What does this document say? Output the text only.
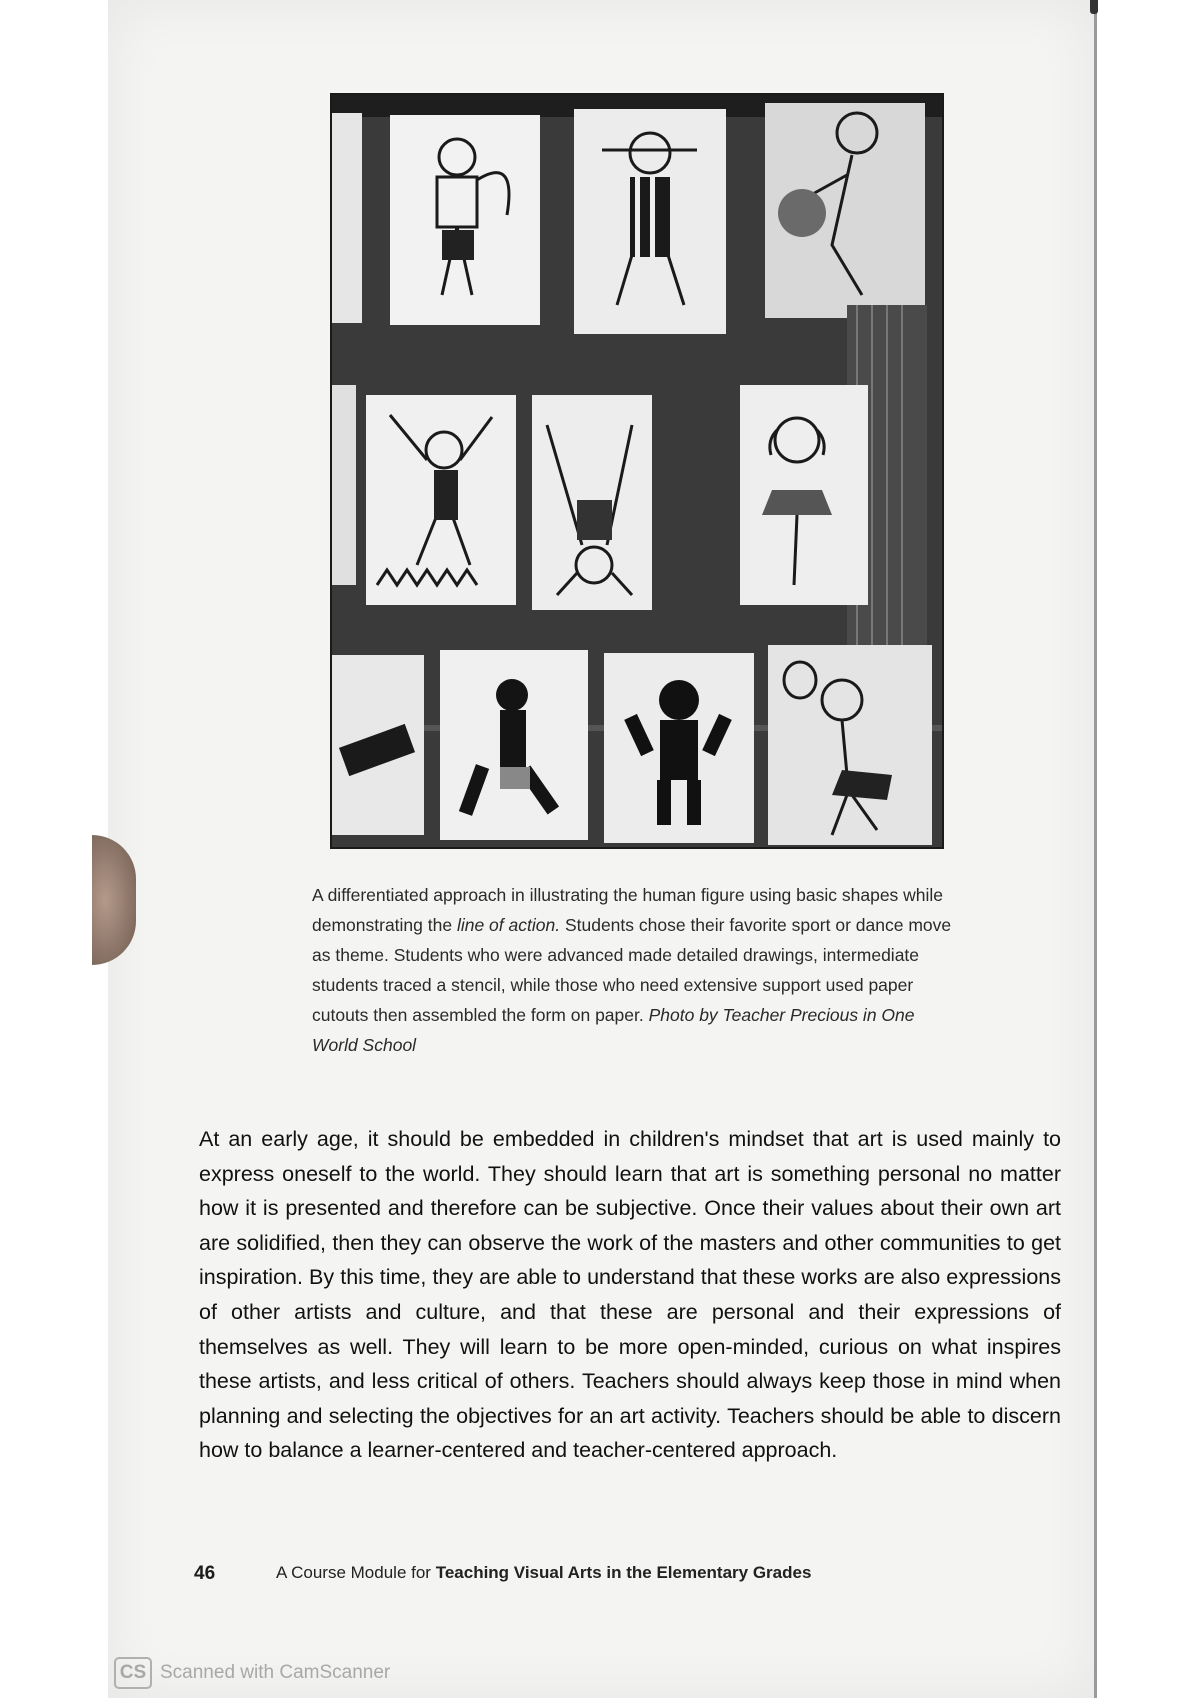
A differentiated approach in illustrating the human figure using basic shapes while demonstrating the line of action. Students chose their favorite sport or dance move as theme. Students who were advanced made detailed drawings, intermediate students traced a stencil, while those who need extensive support used paper cutouts then assembled the form on paper. Photo by Teacher Precious in One World School

At an early age, it should be embedded in children's mindset that art is used mainly to express oneself to the world. They should learn that art is something personal no matter how it is presented and therefore can be subjective. Once their values about their own art are solidified, then they can observe the work of the masters and other communities to get inspiration. By this time, they are able to understand that these works are also expressions of other artists and culture, and that these are personal and their expressions of themselves as well. They will learn to be more open-minded, curious on what inspires these artists, and less critical of others. Teachers should always keep those in mind when planning and selecting the objectives for an art activity. Teachers should be able to discern how to balance a learner-centered and teacher-centered approach.

46	A Course Module for Teaching Visual Arts in the Elementary Grades
CS Scanned with CamScanner
